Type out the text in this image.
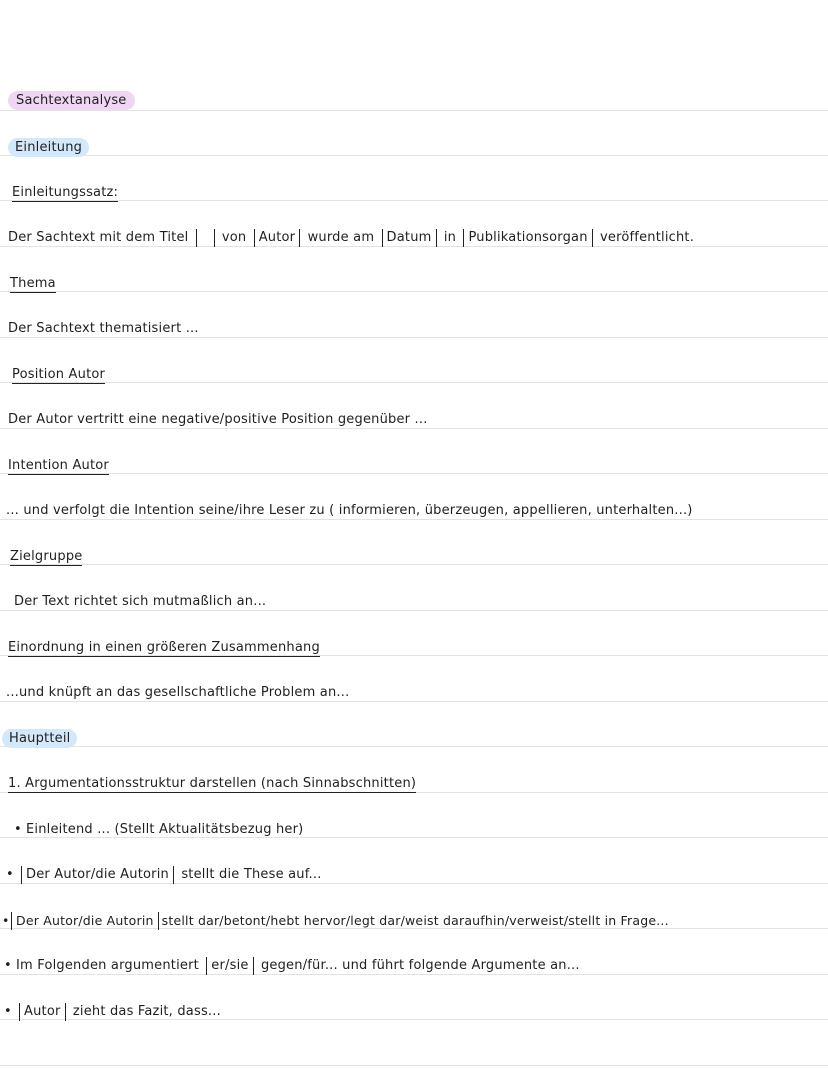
Sachtextanalyse
Einleitung
Einleitungssatz:
Der Sachtext mit dem Titel	von Autor wurde am Datum in Publikationsorgan veröffentlicht.
Thema
Der Sachtext thematisiert ...
Position Autor
Der Autor vertritt eine negative/positive Position gegenüber ...
Intention Autor
... und verfolgt die Intention seine/ihre Leser zu ( informieren, überzeugen, appellieren, unterhalten...)
Zielgruppe
Der Text richtet sich mutmaßlich an...
Einordnung in einen größeren Zusammenhang
...und knüpft an das gesellschaftliche Problem an...
Hauptteil
1. Argumentationsstruktur darstellen (nach Sinnabschnitten)
• Einleitend ... (Stellt Aktualitätsbezug her)
• Der Autor/die Autorin stellt die These auf...
• Der Autor/die Autorin stellt dar/betont/hebt hervor/legt dar/weist daraufhin/verweist/stellt in Frage...
• Im Folgenden argumentiert er/sie gegen/für... und führt folgende Argumente an...
• Autor zieht das Fazit, dass...
